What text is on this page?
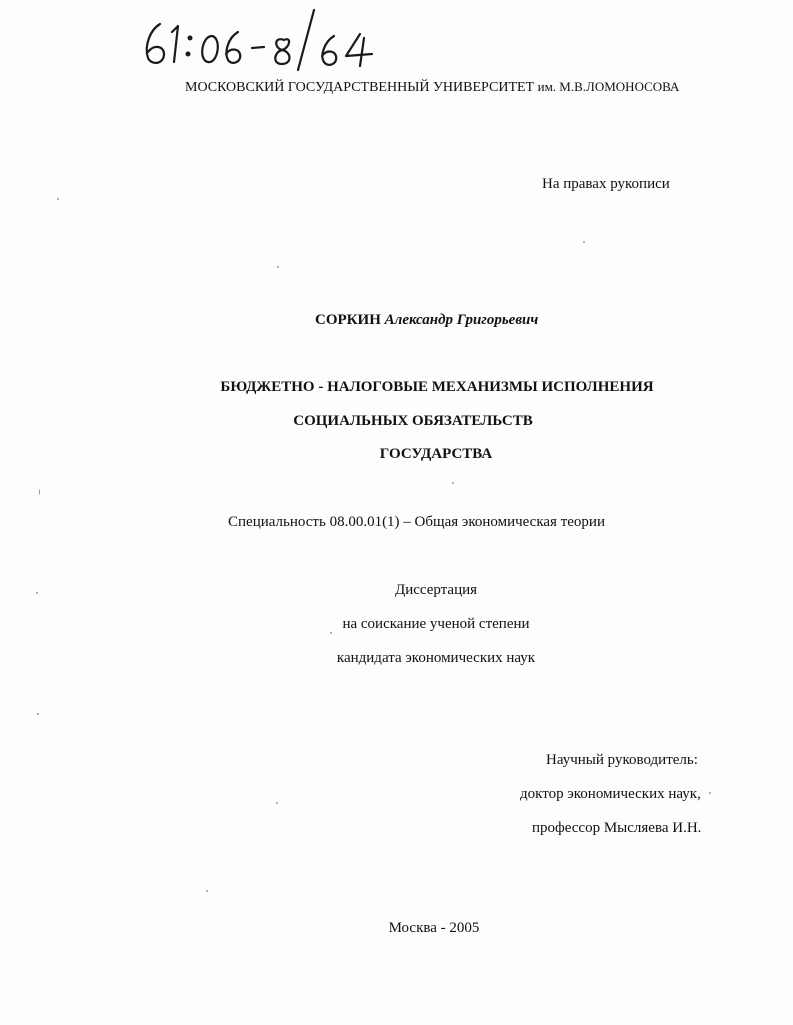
МОСКОВСКИЙ ГОСУДАРСТВЕННЫЙ УНИВЕРСИТЕТ им. М.В.ЛОМОНОСОВА
На правах рукописи
СОРКИН Александр Григорьевич
БЮДЖЕТНО - НАЛОГОВЫЕ МЕХАНИЗМЫ ИСПОЛНЕНИЯ
СОЦИАЛЬНЫХ ОБЯЗАТЕЛЬСТВ
ГОСУДАРСТВА
Специальность 08.00.01(1) – Общая экономическая теории
Диссертация
на соискание ученой степени
кандидата экономических наук
Научный руководитель:
доктор экономических наук,
профессор Мысляева И.Н.
Москва - 2005
